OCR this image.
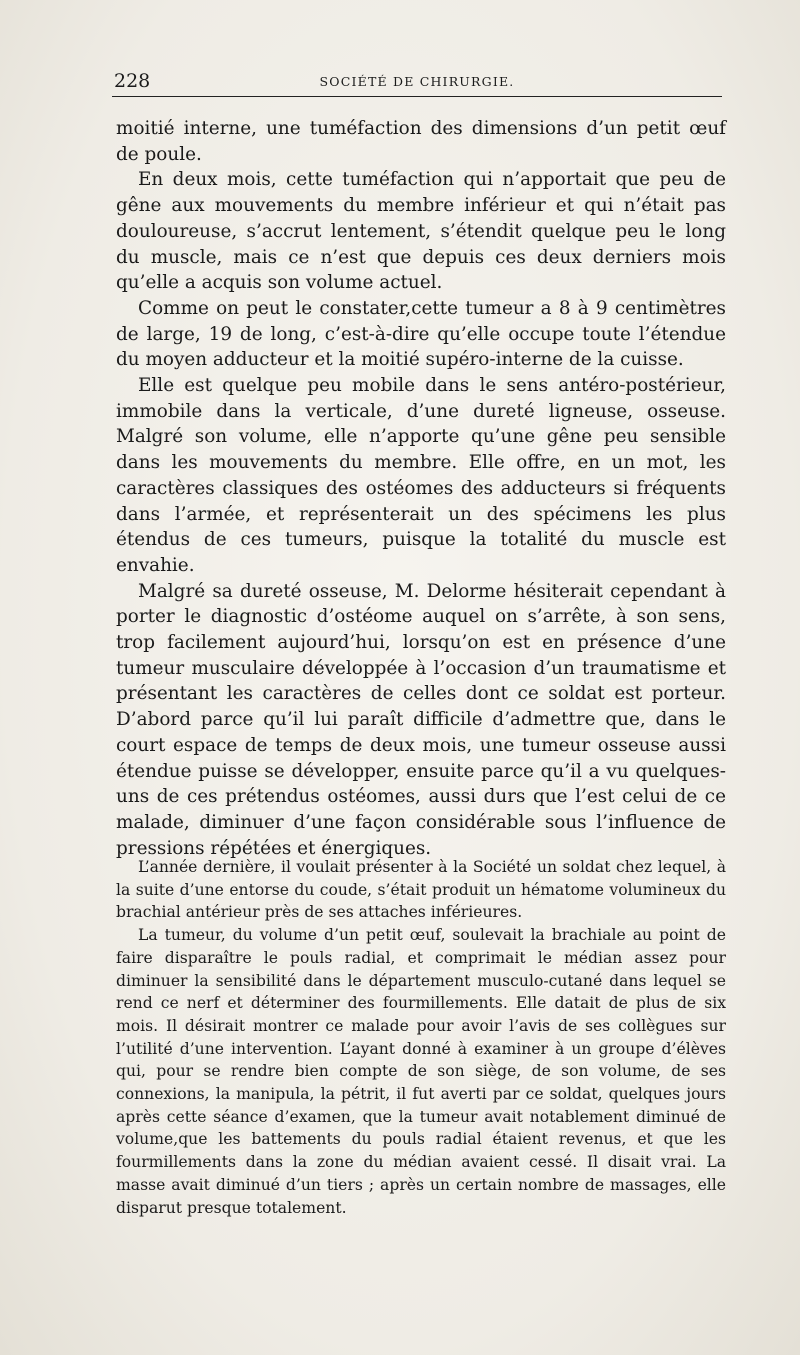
228	SOCIÉTÉ DE CHIRURGIE.

moitié interne, une tuméfaction des dimensions d’un petit œuf de poule.

En deux mois, cette tuméfaction qui n’apportait que peu de gêne aux mouvements du membre inférieur et qui n’était pas douloureuse, s’accrut lentement, s’étendit quelque peu le long du muscle, mais ce n’est que depuis ces deux derniers mois qu’elle a acquis son volume actuel.

Comme on peut le constater,cette tumeur a 8 à 9 centimètres de large, 19 de long, c’est-à-dire qu’elle occupe toute l’étendue du moyen adducteur et la moitié supéro-interne de la cuisse.

Elle est quelque peu mobile dans le sens antéro-postérieur, immobile dans la verticale, d’une dureté ligneuse, osseuse. Malgré son volume, elle n’apporte qu’une gêne peu sensible dans les mouvements du membre. Elle offre, en un mot, les caractères classiques des ostéomes des adducteurs si fréquents dans l’armée, et représenterait un des spécimens les plus étendus de ces tumeurs, puisque la totalité du muscle est envahie.

Malgré sa dureté osseuse, M. Delorme hésiterait cependant à porter le diagnostic d’ostéome auquel on s’arrête, à son sens, trop facilement aujourd’hui, lorsqu’on est en présence d’une tumeur musculaire développée à l’occasion d’un traumatisme et présentant les caractères de celles dont ce soldat est porteur. D’abord parce qu’il lui paraît difficile d’admettre que, dans le court espace de temps de deux mois, une tumeur osseuse aussi étendue puisse se développer, ensuite parce qu’il a vu quelques-uns de ces prétendus ostéomes, aussi durs que l’est celui de ce malade, diminuer d’une façon considérable sous l’influence de pressions répétées et énergiques.

L’année dernière, il voulait présenter à la Société un soldat chez lequel, à la suite d’une entorse du coude, s’était produit un hématome volumineux du brachial antérieur près de ses attaches inférieures.

La tumeur, du volume d’un petit œuf, soulevait la brachiale au point de faire disparaître le pouls radial, et comprimait le médian assez pour diminuer la sensibilité dans le département musculo-cutané dans lequel se rend ce nerf et déterminer des fourmillements. Elle datait de plus de six mois. Il désirait montrer ce malade pour avoir l’avis de ses collègues sur l’utilité d’une intervention. L’ayant donné à examiner à un groupe d’élèves qui, pour se rendre bien compte de son siège, de son volume, de ses connexions, la manipula, la pétrit, il fut averti par ce soldat, quelques jours après cette séance d’examen, que la tumeur avait notablement diminué de volume,que les battements du pouls radial étaient revenus, et que les fourmillements dans la zone du médian avaient cessé. Il disait vrai. La masse avait diminué d’un tiers ; après un certain nombre de massages, elle disparut presque totalement.
